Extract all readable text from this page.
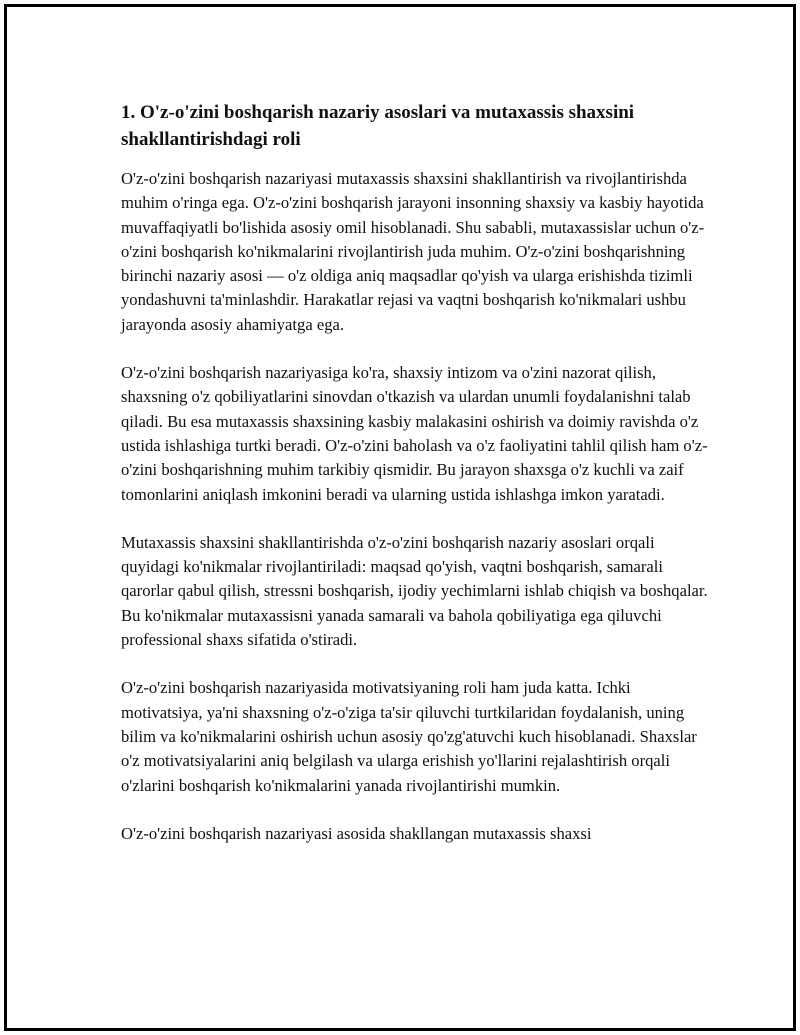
1. O'z-o'zini boshqarish nazariy asoslari va mutaxassis shaxsini shakllantirishdagi roli

O'z-o'zini boshqarish nazariyasi mutaxassis shaxsini shakllantirish va rivojlantirishda muhim o'ringa ega. O'z-o'zini boshqarish jarayoni insonning shaxsiy va kasbiy hayotida muvaffaqiyatli bo'lishida asosiy omil hisoblanadi. Shu sababli, mutaxassislar uchun o'z-o'zini boshqarish ko'nikmalarini rivojlantirish juda muhim. O'z-o'zini boshqarishning birinchi nazariy asosi — o'z oldiga aniq maqsadlar qo'yish va ularga erishishda tizimli yondashuvni ta'minlashdir. Harakatlar rejasi va vaqtni boshqarish ko'nikmalari ushbu jarayonda asosiy ahamiyatga ega.

O'z-o'zini boshqarish nazariyasiga ko'ra, shaxsiy intizom va o'zini nazorat qilish, shaxsning o'z qobiliyatlarini sinovdan o'tkazish va ulardan unumli foydalanishni talab qiladi. Bu esa mutaxassis shaxsining kasbiy malakasini oshirish va doimiy ravishda o'z ustida ishlashiga turtki beradi. O'z-o'zini baholash va o'z faoliyatini tahlil qilish ham o'z-o'zini boshqarishning muhim tarkibiy qismidir. Bu jarayon shaxsga o'z kuchli va zaif tomonlarini aniqlash imkonini beradi va ularning ustida ishlashga imkon yaratadi.

Mutaxassis shaxsini shakllantirishda o'z-o'zini boshqarish nazariy asoslari orqali quyidagi ko'nikmalar rivojlantiriladi: maqsad qo'yish, vaqtni boshqarish, samarali qarorlar qabul qilish, stressni boshqarish, ijodiy yechimlarni ishlab chiqish va boshqalar. Bu ko'nikmalar mutaxassisni yanada samarali va bahola qobiliyatiga ega qiluvchi professional shaxs sifatida o'stiradi.

O'z-o'zini boshqarish nazariyasida motivatsiyaning roli ham juda katta. Ichki motivatsiya, ya'ni shaxsning o'z-o'ziga ta'sir qiluvchi turtkilaridan foydalanish, uning bilim va ko'nikmalarini oshirish uchun asosiy qo'zg'atuvchi kuch hisoblanadi. Shaxslar o'z motivatsiyalarini aniq belgilash va ularga erishish yo'llarini rejalashtirish orqali o'zlarini boshqarish ko'nikmalarini yanada rivojlantirishi mumkin.

O'z-o'zini boshqarish nazariyasi asosida shakllangan mutaxassis shaxsi
